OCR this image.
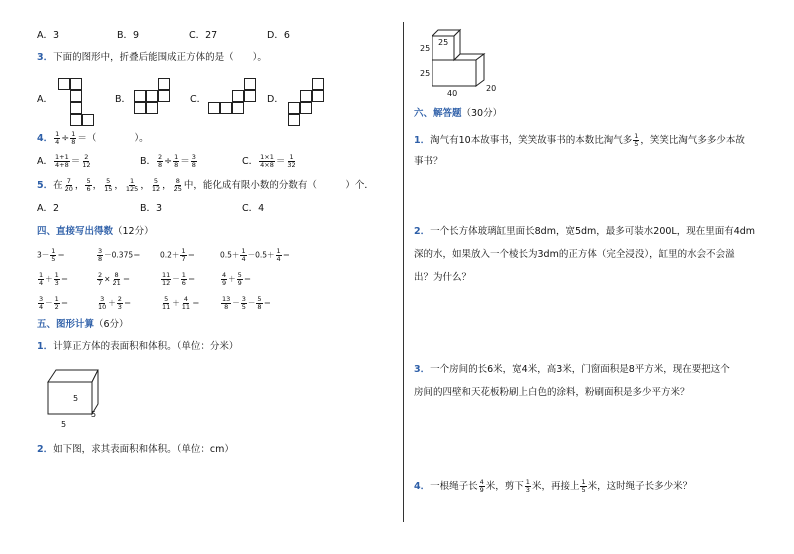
A．3	B．9	C．27	D．6
3．下面的图形中，折叠后能围成正方体的是（　　）。
A．	B．	C．	D．
4． $\frac{1}{4} \div \frac{1}{8}$ ＝（　　　　）。
A． $\frac{1+1}{4+8} = \frac{2}{12}$	B． $\frac{2}{8} \div \frac{1}{8} = \frac{3}{8}$	C． $\frac{1\times 1}{4\times 8} = \frac{1}{32}$
5．在 $\frac{7}{20}$ ， $\frac{5}{6}$ ， $\frac{5}{15}$ ， $\frac{1}{125}$ ， $\frac{5}{12}$ ， $\frac{8}{25}$ 中，能化成有限小数的分数有（　　　）个．
A．2	B．3	C．4
四、直接写出得数（12分）
$3- \frac{1}{5}$ ＝	$\frac{3}{8} -0.375=$	$0.2+ \frac{1}{7}$ ＝	$0.5+ \frac{1}{4} -0.5+ \frac{1}{4}$ ＝
$\frac{1}{4} + \frac{1}{3}$ ＝	$\frac{2}{7} \times \frac{8}{21}$ ＝	$\frac{11}{12} - \frac{1}{6}$ ＝	$\frac{4}{9} + \frac{5}{9}$ ＝
$\frac{3}{4} - \frac{1}{2}$ ＝	$\frac{3}{10} + \frac{2}{3}$ ＝	$\frac{5}{11} + \frac{4}{11}$ ＝	$\frac{13}{8} - \frac{3}{5} - \frac{5}{8}$ ＝
五、图形计算（6分）
1．计算正方体的表面积和体积。（单位：分米）
5
5
5
2．如下图，求其表面积和体积。（单位：cm）
25
25
25
40
20
六、解答题（30分）
1．淘气有10本故事书，笑笑故事书的本数比淘气多 $\frac{1}{5}$ ，笑笑比淘气多多少本故
事书？
2．一个长方体玻璃缸里面长8dm，宽5dm，最多可装水200L，现在里面有4dm
深的水，如果放入一个棱长为3dm的正方体（完全浸没），缸里的水会不会溢
出？为什么？
3．一个房间的长6米，宽4米，高3米，门窗面积是8平方米，现在要把这个
房间的四壁和天花板粉刷上白色的涂料，粉刷面积是多少平方米？
4．一根绳子长 $\frac{4}{9}$ 米，剪下 $\frac{1}{3}$ 米，再接上 $\frac{1}{5}$ 米，这时绳子长多少米？
